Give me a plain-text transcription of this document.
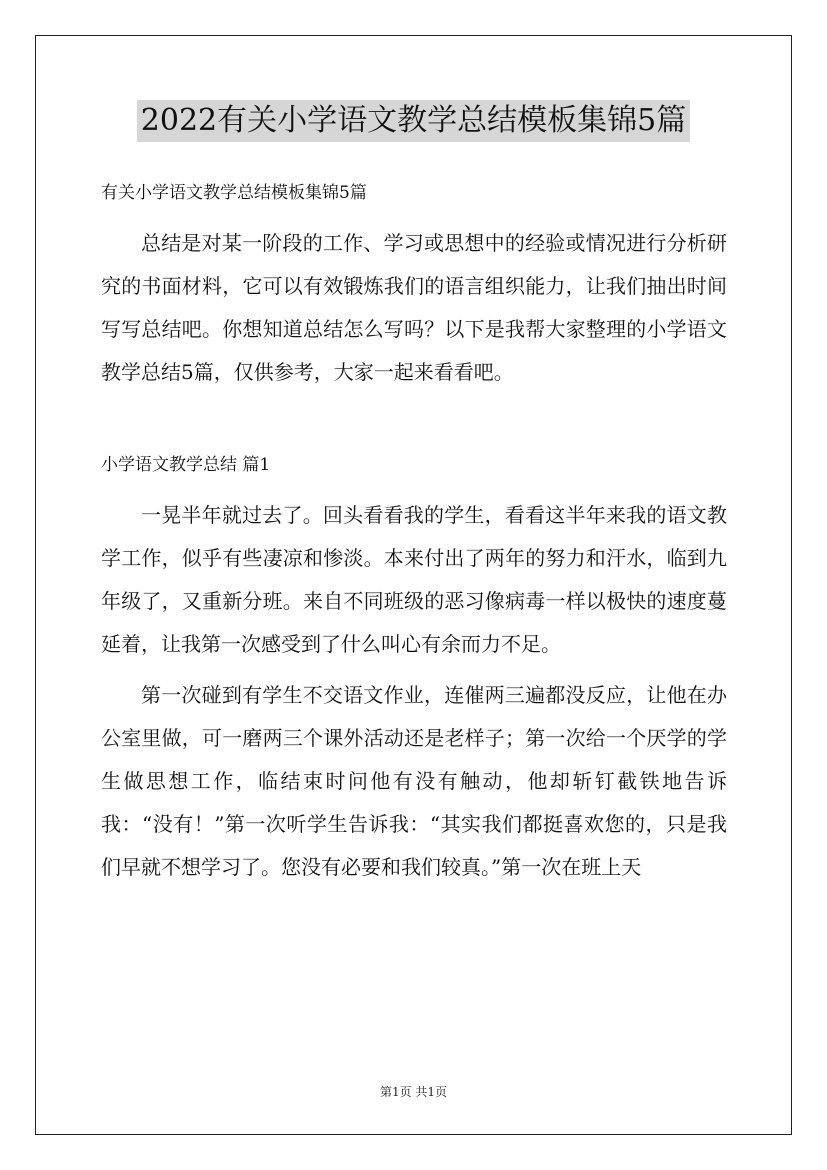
2022有关小学语文教学总结模板集锦5篇

有关小学语文教学总结模板集锦5篇

总结是对某一阶段的工作、学习或思想中的经验或情况进行分析研究的书面材料，它可以有效锻炼我们的语言组织能力，让我们抽出时间写写总结吧。你想知道总结怎么写吗？以下是我帮大家整理的小学语文教学总结5篇，仅供参考，大家一起来看看吧。

小学语文教学总结 篇1

一晃半年就过去了。回头看看我的学生，看看这半年来我的语文教学工作，似乎有些凄凉和惨淡。本来付出了两年的努力和汗水，临到九年级了，又重新分班。来自不同班级的恶习像病毒一样以极快的速度蔓延着，让我第一次感受到了什么叫心有余而力不足。

第一次碰到有学生不交语文作业，连催两三遍都没反应，让他在办公室里做，可一磨两三个课外活动还是老样子；第一次给一个厌学的学生做思想工作，临结束时问他有没有触动，他却斩钉截铁地告诉我：“没有！”第一次听学生告诉我：“其实我们都挺喜欢您的，只是我们早就不想学习了。您没有必要和我们较真。”第一次在班上天

第1页 共1页
